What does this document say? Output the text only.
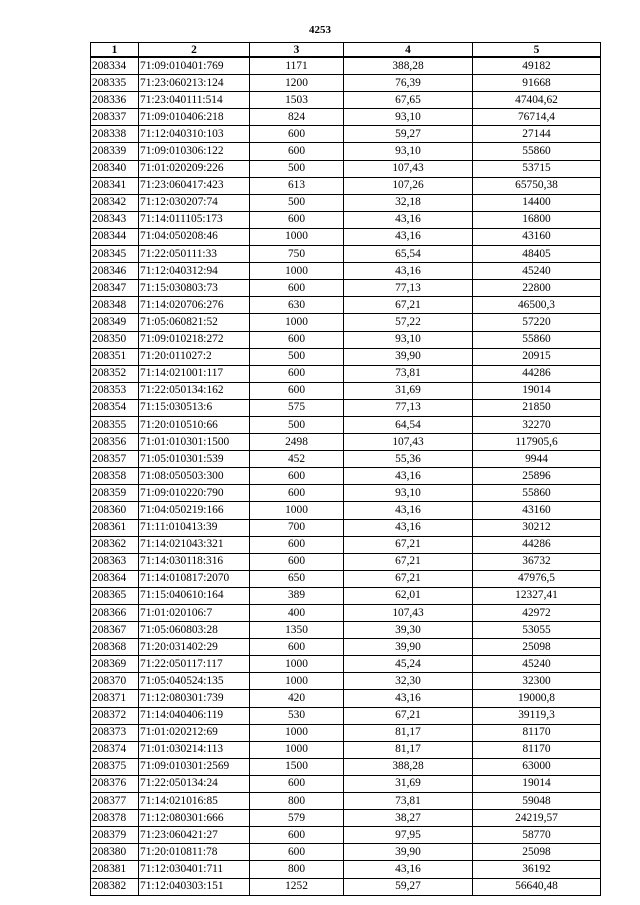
4253
1	2	3	4	5
208334	71:09:010401:769	1171	388,28	49182
208335	71:23:060213:124	1200	76,39	91668
208336	71:23:040111:514	1503	67,65	47404,62
208337	71:09:010406:218	824	93,10	76714,4
208338	71:12:040310:103	600	59,27	27144
208339	71:09:010306:122	600	93,10	55860
208340	71:01:020209:226	500	107,43	53715
208341	71:23:060417:423	613	107,26	65750,38
208342	71:12:030207:74	500	32,18	14400
208343	71:14:011105:173	600	43,16	16800
208344	71:04:050208:46	1000	43,16	43160
208345	71:22:050111:33	750	65,54	48405
208346	71:12:040312:94	1000	43,16	45240
208347	71:15:030803:73	600	77,13	22800
208348	71:14:020706:276	630	67,21	46500,3
208349	71:05:060821:52	1000	57,22	57220
208350	71:09:010218:272	600	93,10	55860
208351	71:20:011027:2	500	39,90	20915
208352	71:14:021001:117	600	73,81	44286
208353	71:22:050134:162	600	31,69	19014
208354	71:15:030513:6	575	77,13	21850
208355	71:20:010510:66	500	64,54	32270
208356	71:01:010301:1500	2498	107,43	117905,6
208357	71:05:010301:539	452	55,36	9944
208358	71:08:050503:300	600	43,16	25896
208359	71:09:010220:790	600	93,10	55860
208360	71:04:050219:166	1000	43,16	43160
208361	71:11:010413:39	700	43,16	30212
208362	71:14:021043:321	600	67,21	44286
208363	71:14:030118:316	600	67,21	36732
208364	71:14:010817:2070	650	67,21	47976,5
208365	71:15:040610:164	389	62,01	12327,41
208366	71:01:020106:7	400	107,43	42972
208367	71:05:060803:28	1350	39,30	53055
208368	71:20:031402:29	600	39,90	25098
208369	71:22:050117:117	1000	45,24	45240
208370	71:05:040524:135	1000	32,30	32300
208371	71:12:080301:739	420	43,16	19000,8
208372	71:14:040406:119	530	67,21	39119,3
208373	71:01:020212:69	1000	81,17	81170
208374	71:01:030214:113	1000	81,17	81170
208375	71:09:010301:2569	1500	388,28	63000
208376	71:22:050134:24	600	31,69	19014
208377	71:14:021016:85	800	73,81	59048
208378	71:12:080301:666	579	38,27	24219,57
208379	71:23:060421:27	600	97,95	58770
208380	71:20:010811:78	600	39,90	25098
208381	71:12:030401:711	800	43,16	36192
208382	71:12:040303:151	1252	59,27	56640,48
